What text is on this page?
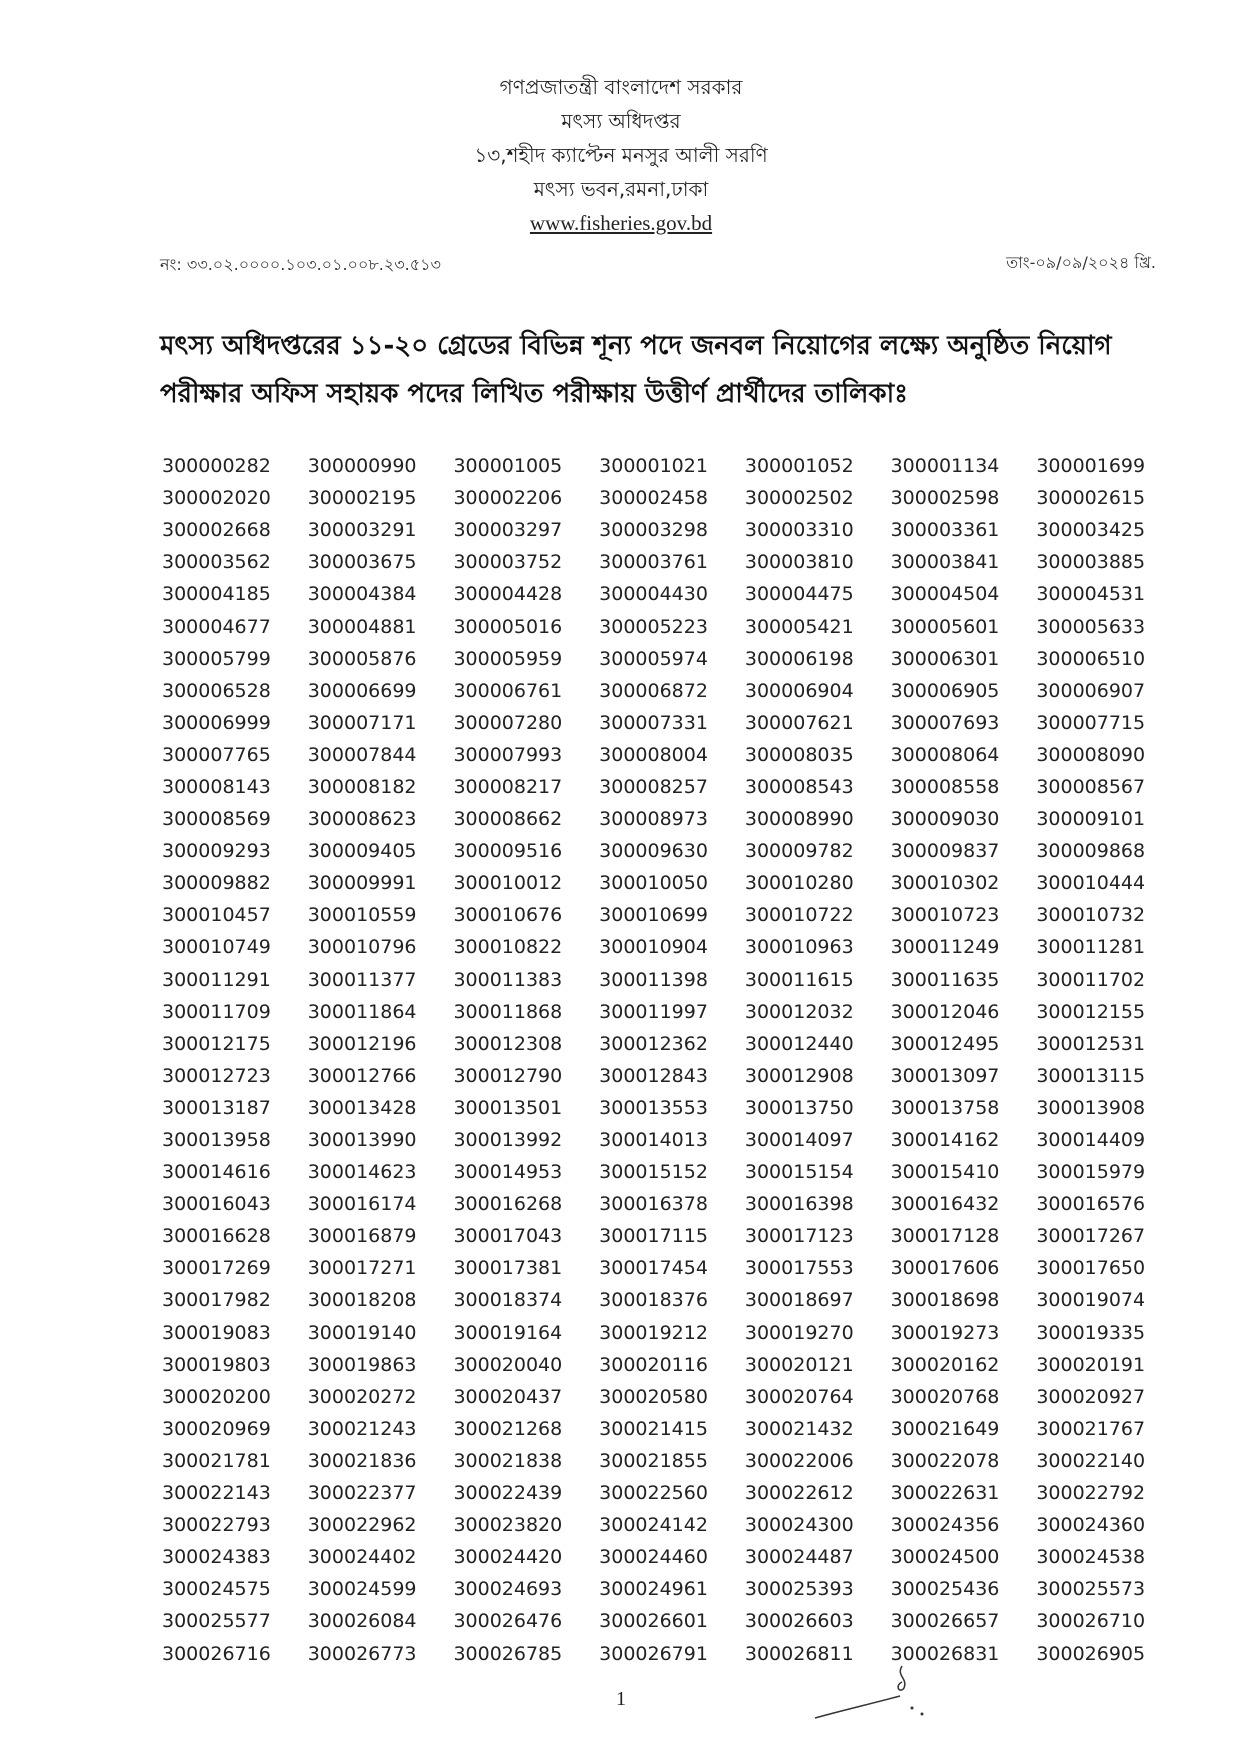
গণপ্রজাতন্ত্রী বাংলাদেশ সরকার
মৎস্য অধিদপ্তর
১৩,শহীদ ক্যাপ্টেন মনসুর আলী সরণি
মৎস্য ভবন,রমনা,ঢাকা
www.fisheries.gov.bd
নং: ৩৩.০২.০০০০.১০৩.০১.০০৮.২৩.৫১৩	তাং-০৯/০৯/২০২৪ খ্রি.
মৎস্য অধিদপ্তরের ১১-২০ গ্রেডের বিভিন্ন শূন্য পদে জনবল নিয়োগের লক্ষ্যে অনুষ্ঠিত নিয়োগ
পরীক্ষার অফিস সহায়ক পদের লিখিত পরীক্ষায় উত্তীর্ণ প্রার্থীদের তালিকাঃ
300000282	300000990	300001005	300001021	300001052	300001134	300001699
300002020	300002195	300002206	300002458	300002502	300002598	300002615
300002668	300003291	300003297	300003298	300003310	300003361	300003425
300003562	300003675	300003752	300003761	300003810	300003841	300003885
300004185	300004384	300004428	300004430	300004475	300004504	300004531
300004677	300004881	300005016	300005223	300005421	300005601	300005633
300005799	300005876	300005959	300005974	300006198	300006301	300006510
300006528	300006699	300006761	300006872	300006904	300006905	300006907
300006999	300007171	300007280	300007331	300007621	300007693	300007715
300007765	300007844	300007993	300008004	300008035	300008064	300008090
300008143	300008182	300008217	300008257	300008543	300008558	300008567
300008569	300008623	300008662	300008973	300008990	300009030	300009101
300009293	300009405	300009516	300009630	300009782	300009837	300009868
300009882	300009991	300010012	300010050	300010280	300010302	300010444
300010457	300010559	300010676	300010699	300010722	300010723	300010732
300010749	300010796	300010822	300010904	300010963	300011249	300011281
300011291	300011377	300011383	300011398	300011615	300011635	300011702
300011709	300011864	300011868	300011997	300012032	300012046	300012155
300012175	300012196	300012308	300012362	300012440	300012495	300012531
300012723	300012766	300012790	300012843	300012908	300013097	300013115
300013187	300013428	300013501	300013553	300013750	300013758	300013908
300013958	300013990	300013992	300014013	300014097	300014162	300014409
300014616	300014623	300014953	300015152	300015154	300015410	300015979
300016043	300016174	300016268	300016378	300016398	300016432	300016576
300016628	300016879	300017043	300017115	300017123	300017128	300017267
300017269	300017271	300017381	300017454	300017553	300017606	300017650
300017982	300018208	300018374	300018376	300018697	300018698	300019074
300019083	300019140	300019164	300019212	300019270	300019273	300019335
300019803	300019863	300020040	300020116	300020121	300020162	300020191
300020200	300020272	300020437	300020580	300020764	300020768	300020927
300020969	300021243	300021268	300021415	300021432	300021649	300021767
300021781	300021836	300021838	300021855	300022006	300022078	300022140
300022143	300022377	300022439	300022560	300022612	300022631	300022792
300022793	300022962	300023820	300024142	300024300	300024356	300024360
300024383	300024402	300024420	300024460	300024487	300024500	300024538
300024575	300024599	300024693	300024961	300025393	300025436	300025573
300025577	300026084	300026476	300026601	300026603	300026657	300026710
300026716	300026773	300026785	300026791	300026811	300026831	300026905
1
